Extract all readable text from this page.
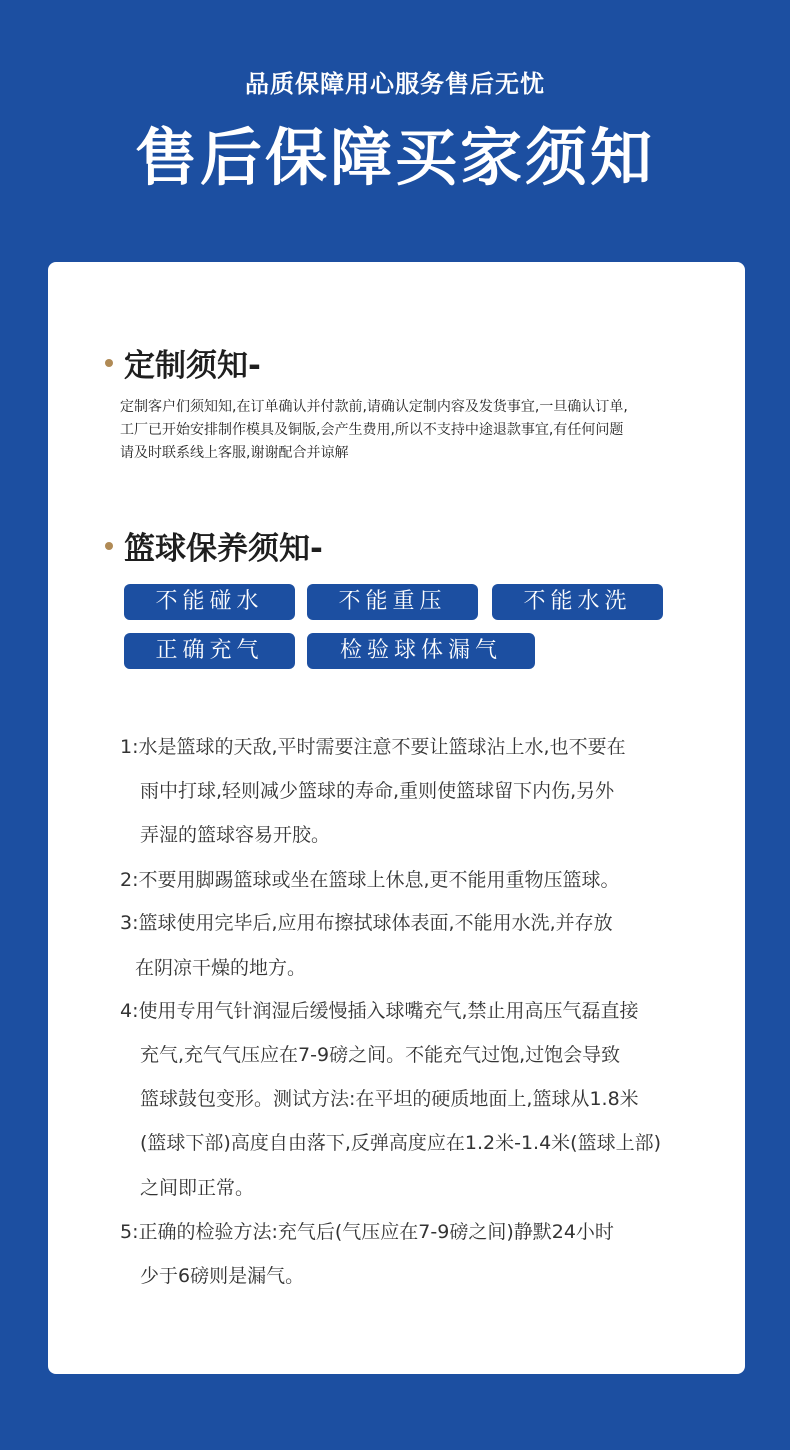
品质保障用心服务售后无忧
售后保障买家须知
定制须知-
定制客户们须知知,在订单确认并付款前,请确认定制内容及发货事宜,一旦确认订单,
工厂已开始安排制作模具及铜版,会产生费用,所以不支持中途退款事宜,有任何问题
请及时联系线上客服,谢谢配合并谅解
篮球保养须知-
不能碰水	不能重压	不能水洗
正确充气	检验球体漏气
1:水是篮球的天敌,平时需要注意不要让篮球沾上水,也不要在
雨中打球,轻则减少篮球的寿命,重则使篮球留下内伤,另外
弄湿的篮球容易开胶。
2:不要用脚踢篮球或坐在篮球上休息,更不能用重物压篮球。
3:篮球使用完毕后,应用布擦拭球体表面,不能用水洗,并存放
在阴凉干燥的地方。
4:使用专用气针润湿后缓慢插入球嘴充气,禁止用高压气磊直接
充气,充气气压应在7-9磅之间。不能充气过饱,过饱会导致
篮球鼓包变形。测试方法:在平坦的硬质地面上,篮球从1.8米
(篮球下部)高度自由落下,反弹高度应在1.2米-1.4米(篮球上部)
之间即正常。
5:正确的检验方法:充气后(气压应在7-9磅之间)静默24小时
少于6磅则是漏气。
